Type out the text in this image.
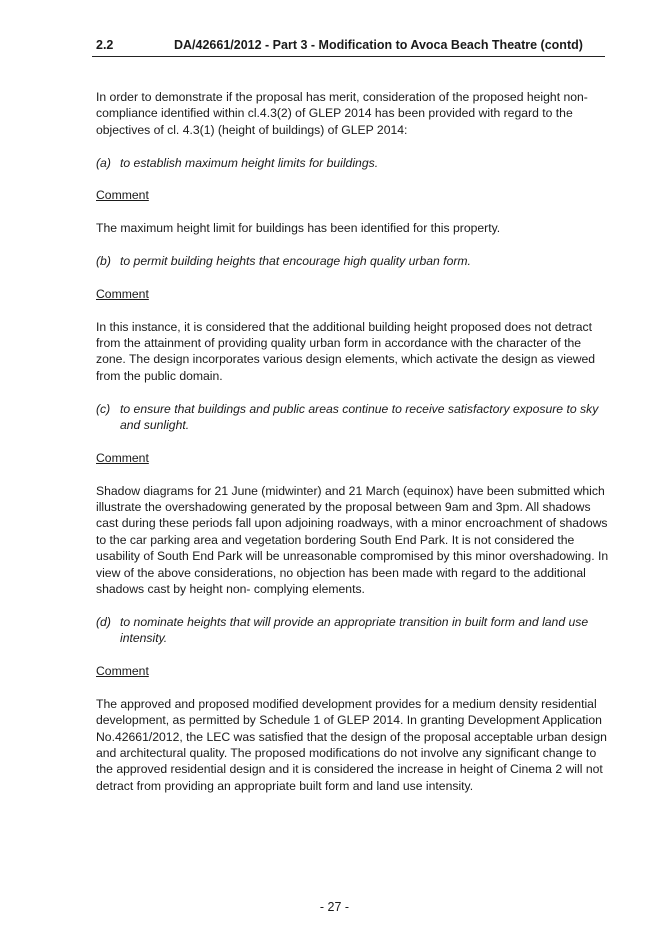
2.2	DA/42661/2012 - Part 3 - Modification to Avoca Beach Theatre (contd)

In order to demonstrate if the proposal has merit, consideration of the proposed height non-compliance identified within cl.4.3(2) of GLEP 2014 has been provided with regard to the objectives of cl. 4.3(1) (height of buildings) of GLEP 2014:

(a) to establish maximum height limits for buildings.

Comment

The maximum height limit for buildings has been identified for this property.

(b) to permit building heights that encourage high quality urban form.

Comment

In this instance, it is considered that the additional building height proposed does not detract from the attainment of providing quality urban form in accordance with the character of the zone. The design incorporates various design elements, which activate the design as viewed from the public domain.

(c) to ensure that buildings and public areas continue to receive satisfactory exposure to sky and sunlight.

Comment

Shadow diagrams for 21 June (midwinter) and 21 March (equinox) have been submitted which illustrate the overshadowing generated by the proposal between 9am and 3pm. All shadows cast during these periods fall upon adjoining roadways, with a minor encroachment of shadows to the car parking area and vegetation bordering South End Park. It is not considered the usability of South End Park will be unreasonable compromised by this minor overshadowing. In view of the above considerations, no objection has been made with regard to the additional shadows cast by height non- complying elements.

(d) to nominate heights that will provide an appropriate transition in built form and land use intensity.

Comment

The approved and proposed modified development provides for a medium density residential development, as permitted by Schedule 1 of GLEP 2014. In granting Development Application No.42661/2012, the LEC was satisfied that the design of the proposal acceptable urban design and architectural quality. The proposed modifications do not involve any significant change to the approved residential design and it is considered the increase in height of Cinema 2 will not detract from providing an appropriate built form and land use intensity.

- 27 -
